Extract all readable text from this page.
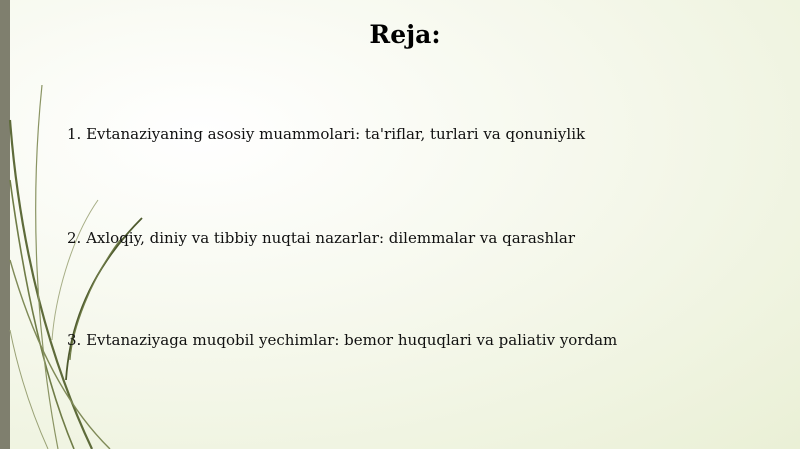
Reja:
1. Evtanaziyaning asosiy muammolari: ta'riflar, turlari va qonuniylik
2. Axloqiy, diniy va tibbiy nuqtai nazarlar: dilemmalar va qarashlar
3. Evtanaziyaga muqobil yechimlar: bemor huquqlari va paliativ yordam
